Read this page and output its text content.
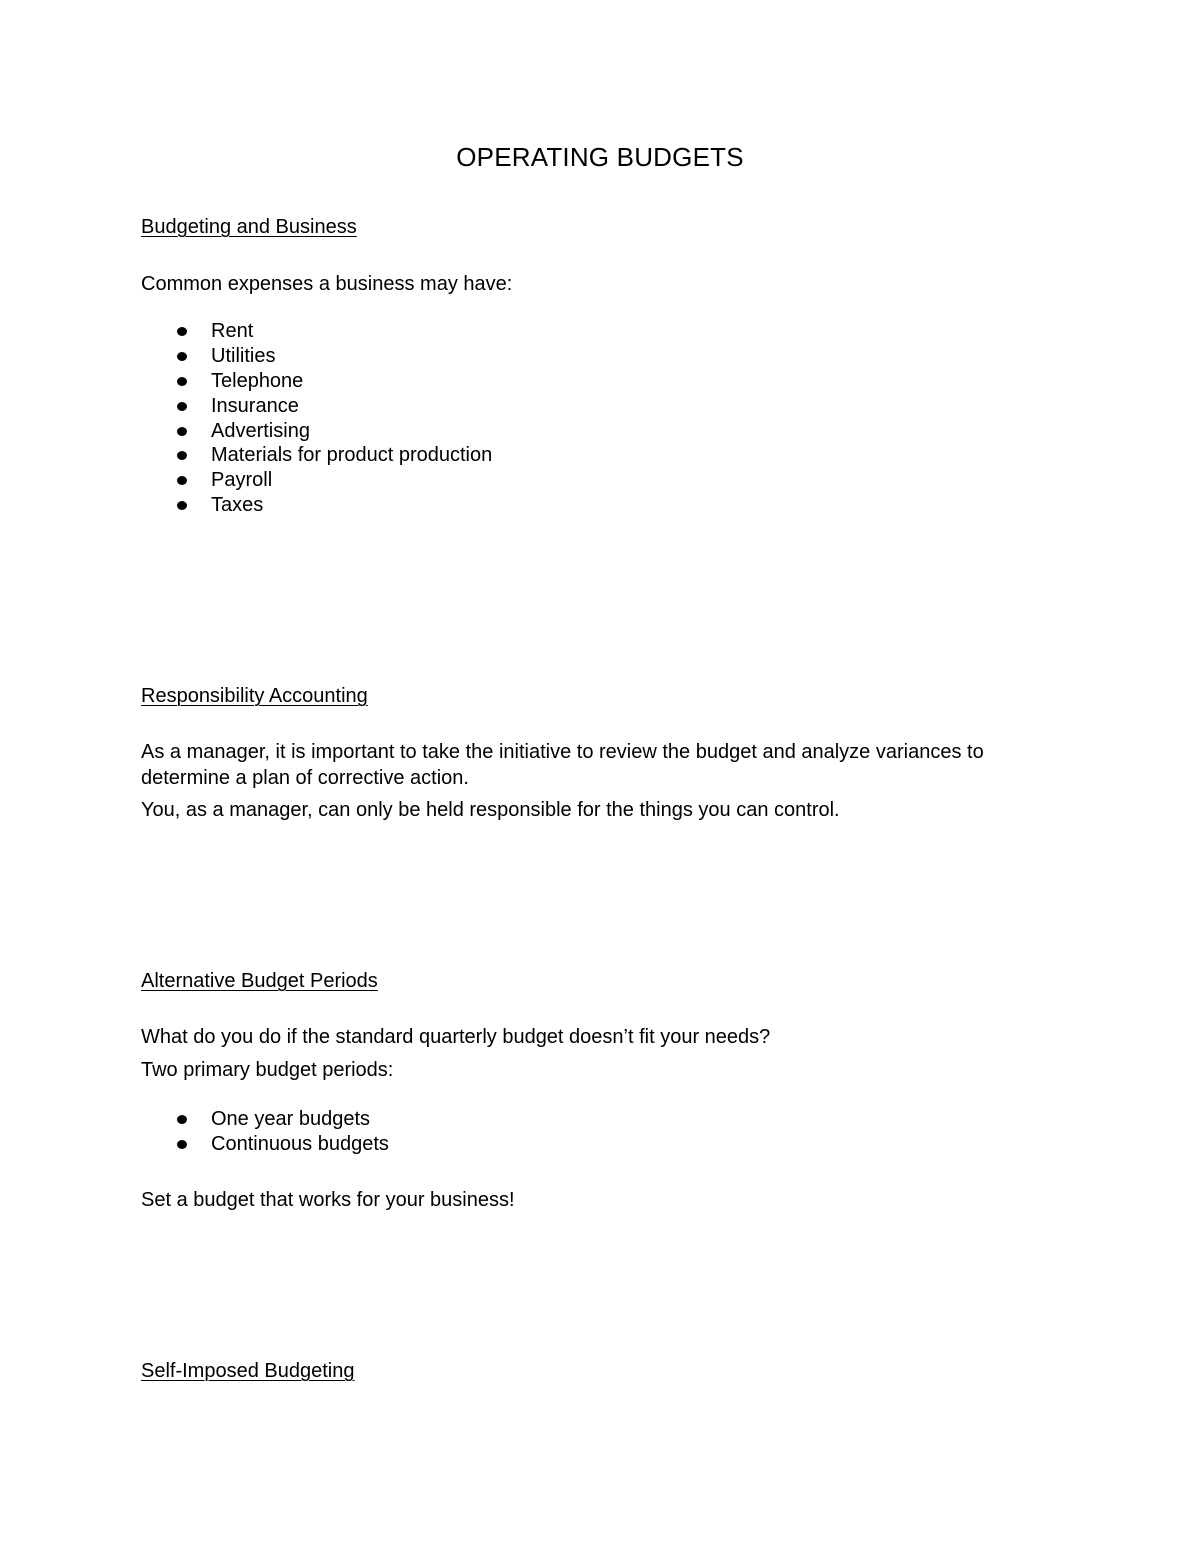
OPERATING BUDGETS
Budgeting and Business
Common expenses a business may have:
Rent
Utilities
Telephone
Insurance
Advertising
Materials for product production
Payroll
Taxes
Responsibility Accounting
As a manager, it is important to take the initiative to review the budget and analyze variances to
determine a plan of corrective action.
You, as a manager, can only be held responsible for the things you can control.
Alternative Budget Periods
What do you do if the standard quarterly budget doesn’t fit your needs?
Two primary budget periods:
One year budgets
Continuous budgets
Set a budget that works for your business!
Self-Imposed Budgeting
